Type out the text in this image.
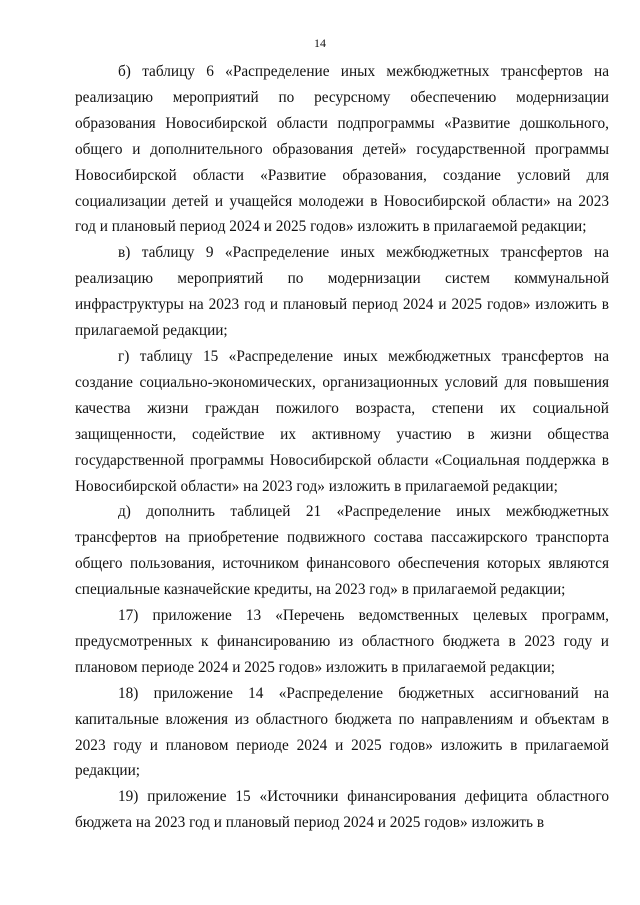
14

б) таблицу 6 «Распределение иных межбюджетных трансфертов на реализацию мероприятий по ресурсному обеспечению модернизации образования Новосибирской области подпрограммы «Развитие дошкольного, общего и дополнительного образования детей» государственной программы Новосибирской области «Развитие образования, создание условий для социализации детей и учащейся молодежи в Новосибирской области» на 2023 год и плановый период 2024 и 2025 годов» изложить в прилагаемой редакции;

в) таблицу 9 «Распределение иных межбюджетных трансфертов на реализацию мероприятий по модернизации систем коммунальной инфраструктуры на 2023 год и плановый период 2024 и 2025 годов» изложить в прилагаемой редакции;

г) таблицу 15 «Распределение иных межбюджетных трансфертов на создание социально-экономических, организационных условий для повышения качества жизни граждан пожилого возраста, степени их социальной защищенности, содействие их активному участию в жизни общества государственной программы Новосибирской области «Социальная поддержка в Новосибирской области» на 2023 год» изложить в прилагаемой редакции;

д) дополнить таблицей 21 «Распределение иных межбюджетных трансфертов на приобретение подвижного состава пассажирского транспорта общего пользования, источником финансового обеспечения которых являются специальные казначейские кредиты, на 2023 год» в прилагаемой редакции;

17) приложение 13 «Перечень ведомственных целевых программ, предусмотренных к финансированию из областного бюджета в 2023 году и плановом периоде 2024 и 2025 годов» изложить в прилагаемой редакции;

18) приложение 14 «Распределение бюджетных ассигнований на капитальные вложения из областного бюджета по направлениям и объектам в 2023 году и плановом периоде 2024 и 2025 годов» изложить в прилагаемой редакции;

19) приложение 15 «Источники финансирования дефицита областного бюджета на 2023 год и плановый период 2024 и 2025 годов» изложить в
